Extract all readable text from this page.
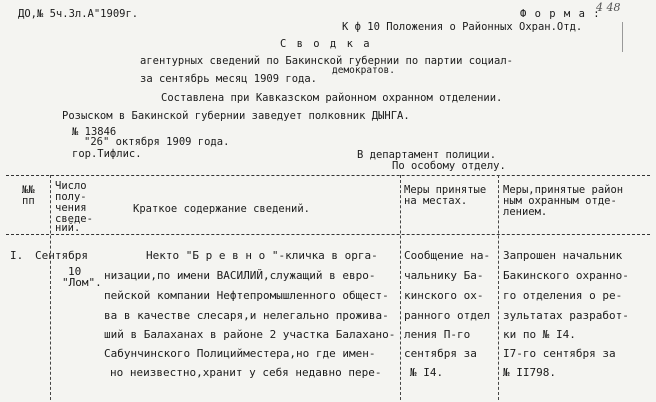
ДО,№ 5ч.3л.А"1909г.	Ф о р м а :
4 48
К ф 10 Положения о Районных Охран.Отд.
С в о д к а
агентурных сведений по Бакинской губернии по партии социал-
демократов.
за сентябрь месяц 1909 года.
Составлена при Кавказском районном охранном отделении.
Розыском в Бакинской губернии заведует полковник ДЫНГА.
№ 13846
"26" октября 1909 года.
гор.Тифлис.	В департамент полиции.
По особому отделу.
№№
пп
Число
полу-
чения
сведе-
ний.
Краткое содержание сведений.
Меры принятые
на местах.
Меры,принятые район
ным охранным отде-
лением.
I. Сентября
10
"Лом".
Некто "Б р е в н о "-кличка в орга-
низации,по имени ВАСИЛИЙ,служащий в евро-
пейской компании Нефтепромышленного общест-
ва в качестве слесаря,и нелегально прожива-
ший в Балаханах в районе 2 участка Балахано-
Сабунчинского Полицийместера,но где имен-
но неизвестно,хранит у себя недавно пере-
Сообщение на-
чальнику Ба-
кинского ох-
ранного отдел
ления П-го
сентября за
№ I4.
Запрошен начальник
Бакинского охранно-
го отделения о ре-
зультатах разработ-
ки по № I4.
I7-го сентября за
№ II798.
